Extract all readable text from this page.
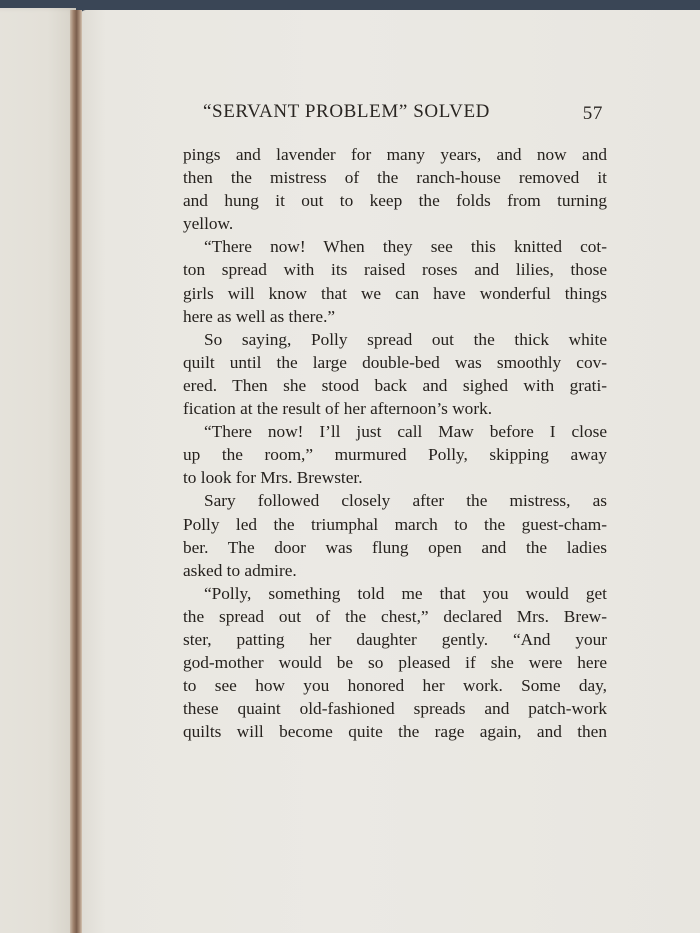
“SERVANT PROBLEM” SOLVED	57
pings and lavender for many years, and now and
then the mistress of the ranch-house removed it
and hung it out to keep the folds from turning
yellow.
“There now! When they see this knitted cot-
ton spread with its raised roses and lilies, those
girls will know that we can have wonderful things
here as well as there.”
So saying, Polly spread out the thick white
quilt until the large double-bed was smoothly cov-
ered. Then she stood back and sighed with grati-
fication at the result of her afternoon’s work.
“There now! I’ll just call Maw before I close
up the room,” murmured Polly, skipping away
to look for Mrs. Brewster.
Sary followed closely after the mistress, as
Polly led the triumphal march to the guest-cham-
ber. The door was flung open and the ladies
asked to admire.
“Polly, something told me that you would get
the spread out of the chest,” declared Mrs. Brew-
ster, patting her daughter gently. “And your
god-mother would be so pleased if she were here
to see how you honored her work. Some day,
these quaint old-fashioned spreads and patch-work
quilts will become quite the rage again, and then
